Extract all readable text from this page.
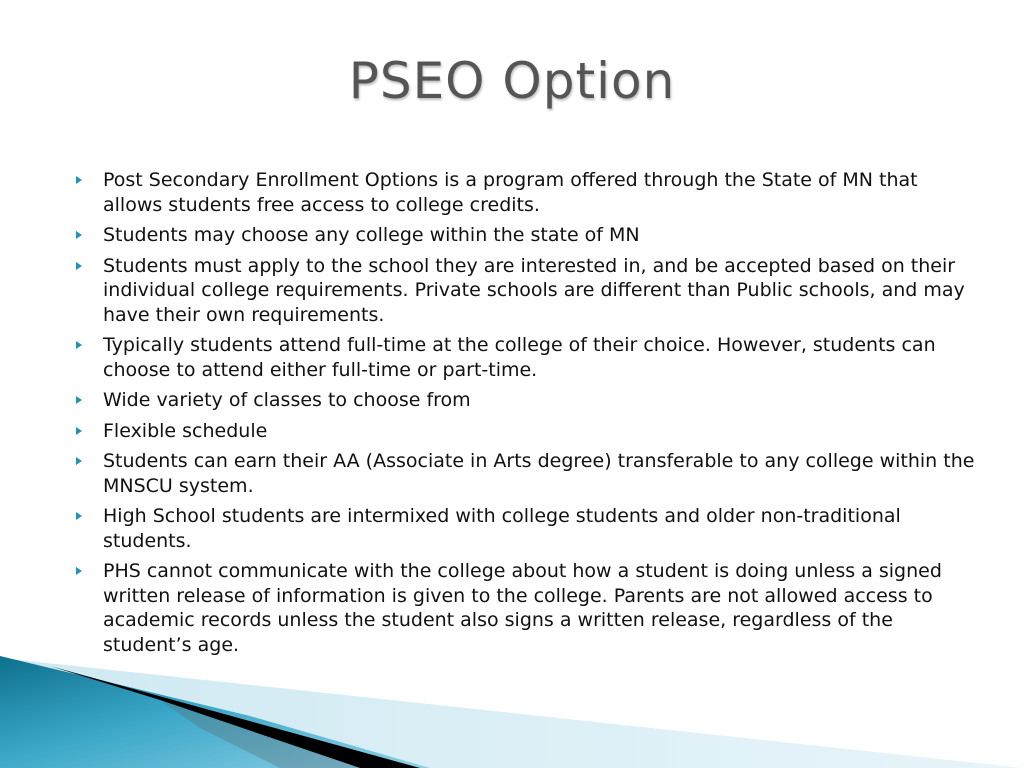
PSEO Option
Post Secondary Enrollment Options is a program offered through the State of MN that allows students free access to college credits.
Students may choose any college within the state of MN
Students must apply to the school they are interested in, and be accepted based on their individual college requirements. Private schools are different than Public schools, and may have their own requirements.
Typically students attend full-time at the college of their choice. However, students can choose to attend either full-time or part-time.
Wide variety of classes to choose from
Flexible schedule
Students can earn their AA (Associate in Arts degree) transferable to any college within the MNSCU system.
High School students are intermixed with college students and older non-traditional students.
PHS cannot communicate with the college about how a student is doing unless a signed written release of information is given to the college. Parents are not allowed access to academic records unless the student also signs a written release, regardless of the student’s age.
